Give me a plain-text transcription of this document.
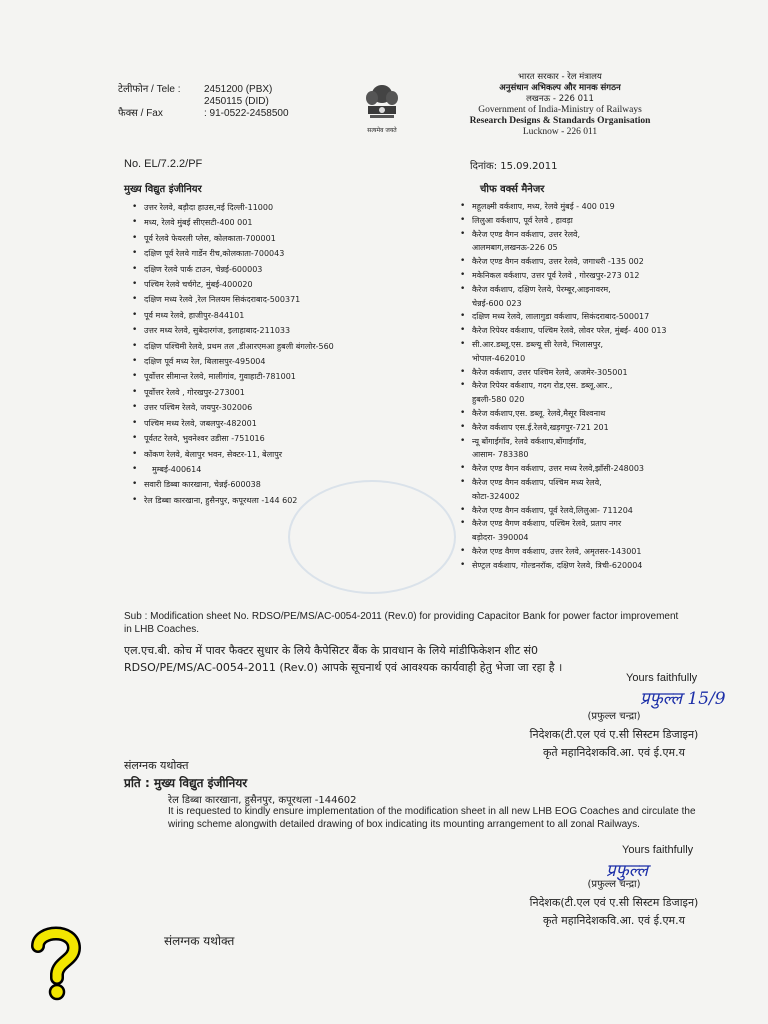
टेलीफोन / Tele :	2451200 (PBX)
2450115 (DID)
फैक्स / Fax	: 91-0522-2458500
सत्यमेव जयते
भारत सरकार - रेल मंत्रालय
अनुसंधान अभिकल्प और मानक संगठन
लखनऊ - 226 011
Government of India-Ministry of Railways
Research Designs & Standards Organisation
Lucknow - 226 011
No. EL/7.2.2/PF	दिनांक: 15.09.2011
मुख्य विद्युत इंजीनियर	चीफ वर्क्स मैनेजर
• उत्तर रेलवे, बड़ौदा हाउस,नई दिल्ली-11000
• मध्य, रेलवे मुंबई सीएसटी-400 001
• पूर्व रेलवे फेयरली प्लेस, कोलकाता-700001
• दक्षिण पूर्व रेलवे गार्डेन रीच,कोलकाता-700043
• दक्षिण रेलवे पार्क टाउन, चेन्नई-600003
• पश्चिम रेलवे चर्चगेट, मुंबई-400020
• दक्षिण मध्य रेलवे ,रेल निलयम सिकंदराबाद-500371
• पूर्व मध्य रेलवे, हाजीपुर-844101
• उत्तर मध्य रेलवे, सुबेदारगंज, इलाहाबाद-211033
• दक्षिण पश्चिमी रेलवे, प्रथम तल ,डीआरएमआ हुबली बंगलोर-560
• दक्षिण पूर्व मध्य रेल, बिलासपुर-495004
• पूर्वोत्तर सीमान्त रेलवे, मालीगांव, गुवाहाटी-781001
• पूर्वोत्तर रेलवे , गोरखपुर-273001
• उत्तर पश्चिम रेलवे, जयपुर-302006
• पश्चिम मध्य रेलवे, जबलपुर-482001
• पूर्वतट रेलवे, भुवनेश्वर उडीसा -751016
• कोंकण रेलवे, बेलापुर भवन, सेक्टर-11, बेलापुर
• मुम्बई-400614
• सवारी डिब्बा कारखाना, चेन्नई-600038
• रेल डिब्बा कारखाना, हुसैनपुर, कपूरथला -144 602
• महूलक्ष्मी वर्कशाप, मध्य, रेलवे मुंबई - 400 019
• लिलुआ वर्कशाप, पूर्व रेलवे , हावड़ा
• कैरेज एण्ड वैगन वर्कशाप, उत्तर रेलवे,
आलमबाग,लखनऊ-226 05
• कैरेज एण्ड वैगन वर्कशाप, उत्तर रेलवे, जगाधरी -135 002
• मकेनिकल वर्कशाप, उत्तर पूर्व रेलवे , गोरखपुर-273 012
• कैरेज वर्कशाप, दक्षिण रेलवे, पेरम्बूर,आइनावरम,
चेन्नई-600 023
• दक्षिण मध्य रेलवे, लालागुडा वर्कशाप, सिकंदराबाद-500017
• कैरेज रिपेयर वर्कशाप, पश्चिम रेलवे, लोवर परेल, मुंबई- 400 013
• सी.आर.डब्लू.एस. डब्ल्यू सी रेलवे, भिलासपुर,
भोपाल-462010
• कैरेज वर्कशाप, उत्तर पश्चिम रेलवे, अजमेर-305001
• कैरेज रिपेयर वर्कशाप, गदग रोड,एस. डब्लू.आर.,
हुबली-580 020
• कैरेज वर्कशाप,एस. डब्लू. रेलवे,मैसूर विश्वनाथ
• कैरेज वर्कशाप एस.ई.रेलवे,खड़गपुर-721 201
• न्यू बोंगाईगाँव, रेलवे वर्कशाप,बोंगाईगाँव,
आसाम- 783380
• कैरेज एण्ड वैगन वर्कशाप, उत्तर मध्य रेलवे,झाँसी-248003
• कैरेज एण्ड वैगन वर्कशाप, पश्चिम मध्य रेलवे,
कोटा-324002
• कैरेज एण्ड वैगन वर्कशाप, पूर्व रेलवे,लिलुआ- 711204
• कैरेज एण्ड वैगण वर्कशाप, पश्चिम रेलवे, प्रताप नगर
बड़ोदरा- 390004
• कैरेज एण्ड वैगण वर्कशाप, उत्तर रेलवे, अमृतसर-143001
• सेण्ट्रल वर्कशाप, गोल्डनरॉक, दक्षिण रेलवे, त्रिची-620004
Sub : Modification sheet No. RDSO/PE/MS/AC-0054-2011 (Rev.0) for providing Capacitor Bank for power factor improvement in LHB Coaches.
एल.एच.बी. कोच में पावर फैक्टर सुधार के लिये कैपेसिटर बैंक के प्रावधान के लिये मांडीफिकेशन शीट सं0
RDSO/PE/MS/AC-0054-2011 (Rev.0) आपके सूचनार्थ एवं आवश्यक कार्यवाही हेतु भेजा जा रहा है ।
Yours faithfully
प्रफुल्ल 15/9
(प्रफुल्ल चन्द्रा)
निदेशक(टी.एल एवं ए.सी सिस्टम डिजाइन)
कृते महानिदेशकवि.आ. एवं ई.एम.य
संलग्नक यथोक्त
प्रति : मुख्य विद्युत इंजीनियर
रेल डिब्बा कारखाना, हुसैनपुर, कपूरथला -144602
It is requested to kindly ensure implementation of the modification sheet in all new LHB EOG Coaches and circulate the wiring scheme alongwith detailed drawing of box indicating its mounting arrangement to all zonal Railways.
Yours faithfully
प्रफुल्ल
(प्रफुल्ल चन्द्रा)
निदेशक(टी.एल एवं ए.सी सिस्टम डिजाइन)
कृते महानिदेशकवि.आ. एवं ई.एम.य
संलग्नक यथोक्त
